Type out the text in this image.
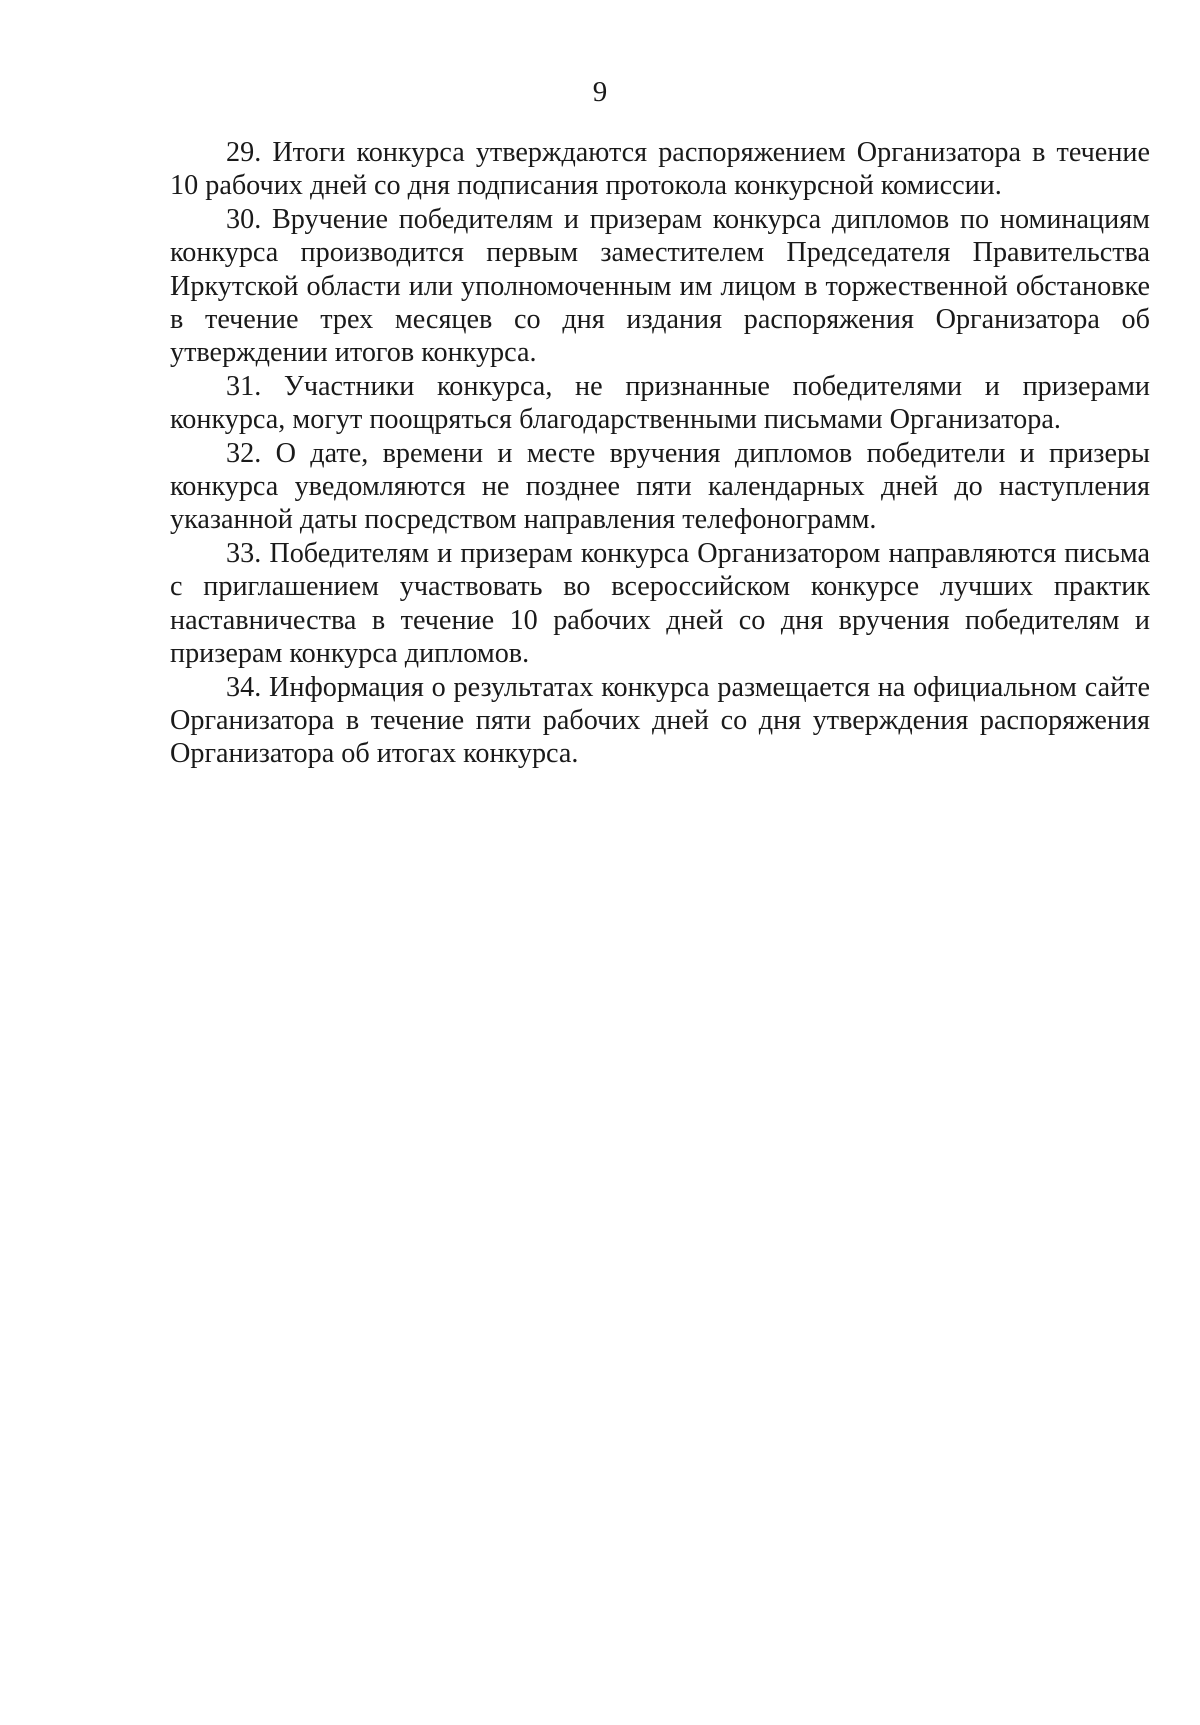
9

29. Итоги конкурса утверждаются распоряжением Организатора в течение 10 рабочих дней со дня подписания протокола конкурсной комиссии.

30. Вручение победителям и призерам конкурса дипломов по номинациям конкурса производится первым заместителем Председателя Правительства Иркутской области или уполномоченным им лицом в торжественной обстановке в течение трех месяцев со дня издания распоряжения Организатора об утверждении итогов конкурса.

31. Участники конкурса, не признанные победителями и призерами конкурса, могут поощряться благодарственными письмами Организатора.

32. О дате, времени и месте вручения дипломов победители и призеры конкурса уведомляются не позднее пяти календарных дней до наступления указанной даты посредством направления телефонограмм.

33. Победителям и призерам конкурса Организатором направляются письма с приглашением участвовать во всероссийском конкурсе лучших практик наставничества в течение 10 рабочих дней со дня вручения победителям и призерам конкурса дипломов.

34. Информация о результатах конкурса размещается на официальном сайте Организатора в течение пяти рабочих дней со дня утверждения распоряжения Организатора об итогах конкурса.
